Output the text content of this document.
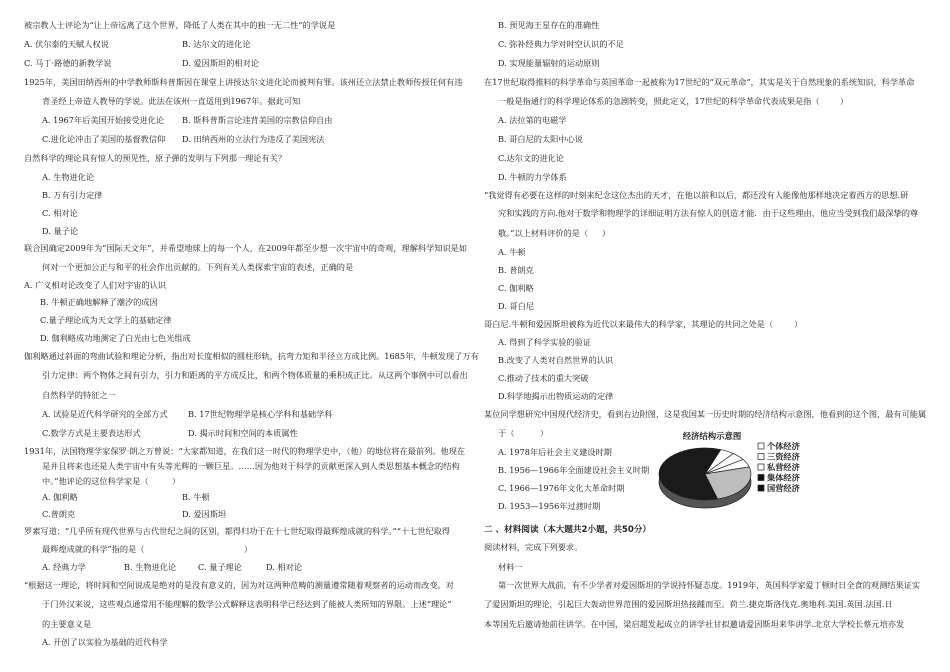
被宗教人士评论为“让上帝远离了这个世界，降低了人类在其中的独一无二性”的学说是
A. 伏尔泰的天赋人权说	B. 达尔文的进化论
C. 马丁·路德的新教学说	D. 爱因斯坦的相对论
1925年，美国田纳西州的中学教师斯科普斯因在课堂上讲授达尔文进化论而被判有罪。该州还立法禁止教师传授任何有违
背圣经上帝造人教导的学说。此法在该州一直适用到1967年。据此可知
A. 1967年后美国开始接受进化论 B. 斯科普斯言论违背美国的宗教信仰自由
C.进化论冲击了美国的基督教信仰 D. 田纳西州的立法行为违反了美国宪法
自然科学的理论具有惊人的预见性，原子弹的发明与下列那一理论有关？
A. 生物进化论
B. 万有引力定律
C. 相对论
D. 量子论
联合国确定2009年为“国际天文年”，并希望地球上的每一个人，在2009年都至少想一次宇宙中的奇观，理解科学知识是如
何对一个更加公正与和平的社会作出贡献的。下列有关人类探索宇宙的表述，正确的是
A. 广义相对论改变了人们对宇宙的认识
B. 牛顿正确地解释了潮汐的成因
C.量子理论成为天文学上的基础定律
D. 伽利略成功地测定了白光由七色光组成
伽利略通过斜面的弯曲试验和理论分析，指出对长度相似的圆柱形轨，抗弯力矩和半径立方成比例。1685年，牛顿发现了万有
引力定律：两个物体之间有引力，引力和距离的平方成反比，和两个物体质量的乘积成正比。从这两个事例中可以看出
自然科学的特征之一
A. 试验是近代科学研究的全部方式 B. 17世纪物理学是核心学科和基础学科
C.数学方式是主要表达形式	D. 揭示时间和空间的本质属性
1931年，法国物理学家保罗·朗之万曾说：“大家都知道，在我们这一时代的物理学史中，（他）的地位将在最前列。他现在
是并且将来也还是人类宇宙中有头等光辉的一颗巨星。……因为他对于科学的贡献更深入到人类思想基本概念的结构
中。”他评论的这位科学家是（	）
A. 伽利略	B. 牛顿
C.普朗克	D. 爱因斯坦
罗素写道：“几乎所有现代世界与古代世纪之间的区别，都得归功于在十七世纪取得最辉煌成就的科学。”“十七世纪取得
最辉煌成就的科学”指的是（	）
A. 经典力学	B. 生物进化论	C. 量子理论	D. 相对论
“根据这一理论，将时间和空间说成是绝对的是没有意义的，因为对这两种范畴的测量遵常随着观察者的运动而改变。对
于门外汉来说，这些观点通常用不能理解的数学公式解释这表明科学已经达到了能被人类所知的界限。上述“理论”
的主要意义是
A. 开创了以实验为基础的近代科学
B. 预见海王星存在的准确性
C. 弥补经典力学对时空认识的不足
D. 实现能量辐射的运动原则
在17世纪取得推料的科学革命与英国革命一起被称为17世纪的“双元革命”，其实是关于自然现象的系统知识，科学革命
一般是指通行的科学理论体系的急剧转变，照此定义，17世纪的科学革命代表成果是指（ ）
A. 法拉第的电磁学
B. 哥白尼的太阳中心说
C.达尔文的进化论
D. 牛顿的力学体系
“我觉得有必要在这样的时刻来纪念这位杰出的天才，在他以前和以后，都还没有人能像他那样地决定着西方的思想.研
究和实践的方向.他对于数学和物理学的详细证明方法有惊人的创造才能．由于这些理由，他应当受到我们最深挚的尊
敬。”以上材料评价的是（ ）
A. 牛顿
B. 普朗克
C. 伽利略
D. 哥白尼
哥白尼.牛顿和爱因斯坦被称为近代以来最伟大的科学家，其理论的共同之处是（	）
A. 得到了科学实验的验证
B.改变了人类对自然世界的认识
C.推动了技术的重大突破
D.科学地揭示出物质运动的定律
某位同学想研究中国现代经济史，看到右边附图，这是我国某一历史时期的经济结构示意图，他看到的这个图，最有可能属
于（	）
A. 1978年后社会主义建设时期
B. 1956—1966年全面建设社会主义时期
C. 1966—1976年文化大革命时期
D. 1953—1956年过渡时期
阅读材料，完成下列要求。
材料一
第一次世界大战前，有不少学者对爱因斯坦的学说持怀疑态度。1919年，英国科学家爱丁顿时日全食的观测结果证实
了爱因斯坦的理论，引起巨大轰动世界范围的爱因斯坦热接踵而至。荷兰.捷克斯洛伐克.奥地利.美国.英国.法国.日
本等国先后邀请他前往讲学。在中国，梁启超发起成立的讲学社甘拟邀请爱因斯坦来华讲学.北京大学校长蔡元培亦发
二 、材料阅读（本大题共2小题，共50分）
经济结构示意图
个体经济
三资经济
私营经济
集体经济
国营经济
